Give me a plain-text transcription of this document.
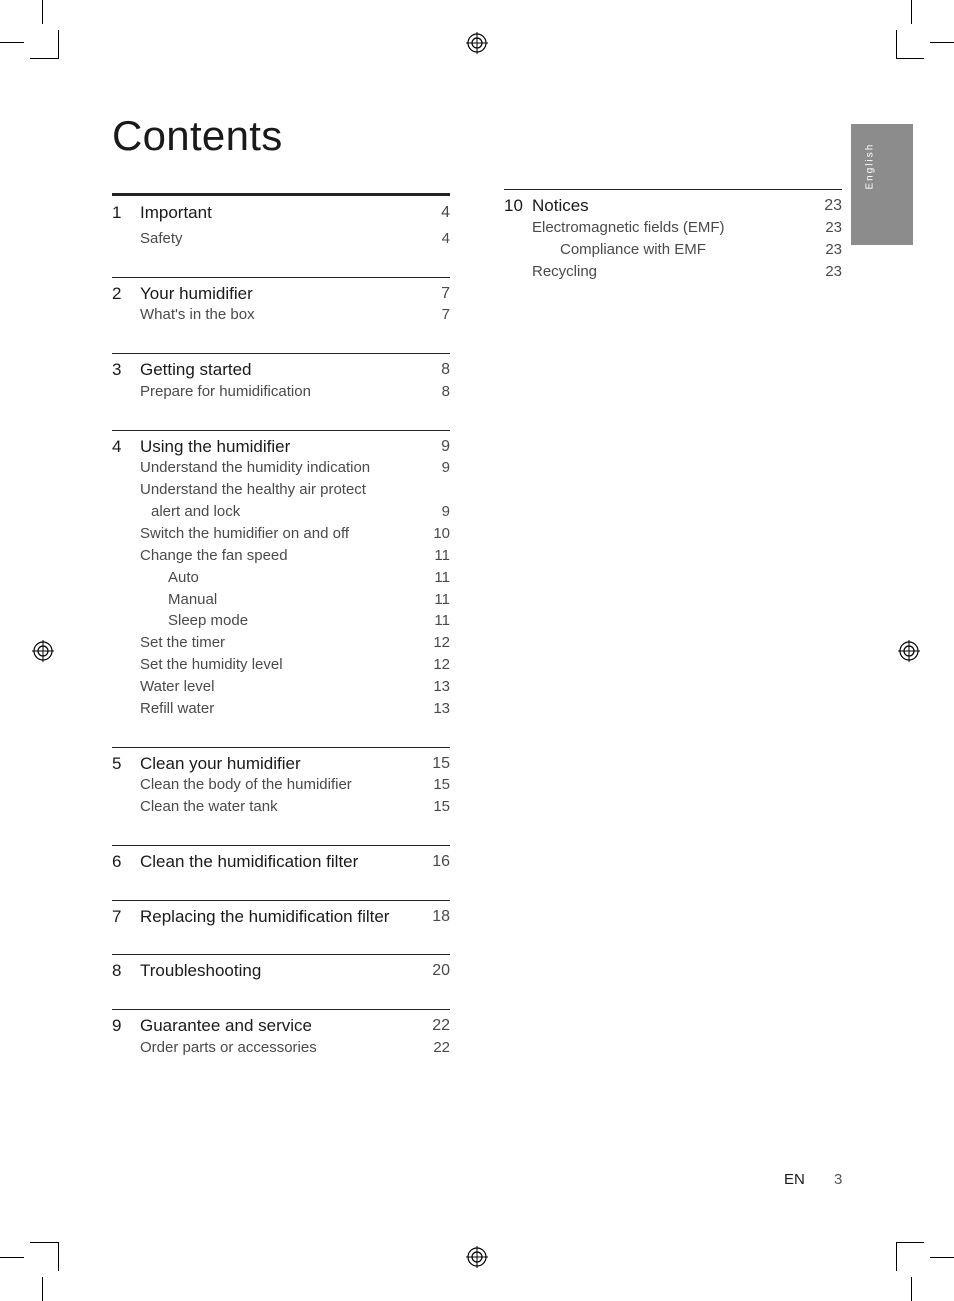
Contents
1 Important	4
Safety	4
2 Your humidifier	7
What's in the box	7
3 Getting started	8
Prepare for humidification	8
4 Using the humidifier	9
Understand the humidity indication	9
Understand the healthy air protect
alert and lock	9
Switch the humidifier on and off	10
Change the fan speed	11
Auto	11
Manual	11
Sleep mode	11
Set the timer	12
Set the humidity level	12
Water level	13
Refill water	13
5 Clean your humidifier	15
Clean the body of the humidifier	15
Clean the water tank	15
6 Clean the humidification filter	16
7 Replacing the humidification filter	18
8 Troubleshooting	20
9 Guarantee and service	22
Order parts or accessories	22
10 Notices	23
Electromagnetic fields (EMF)	23
Compliance with EMF	23
Recycling	23
EN 3
